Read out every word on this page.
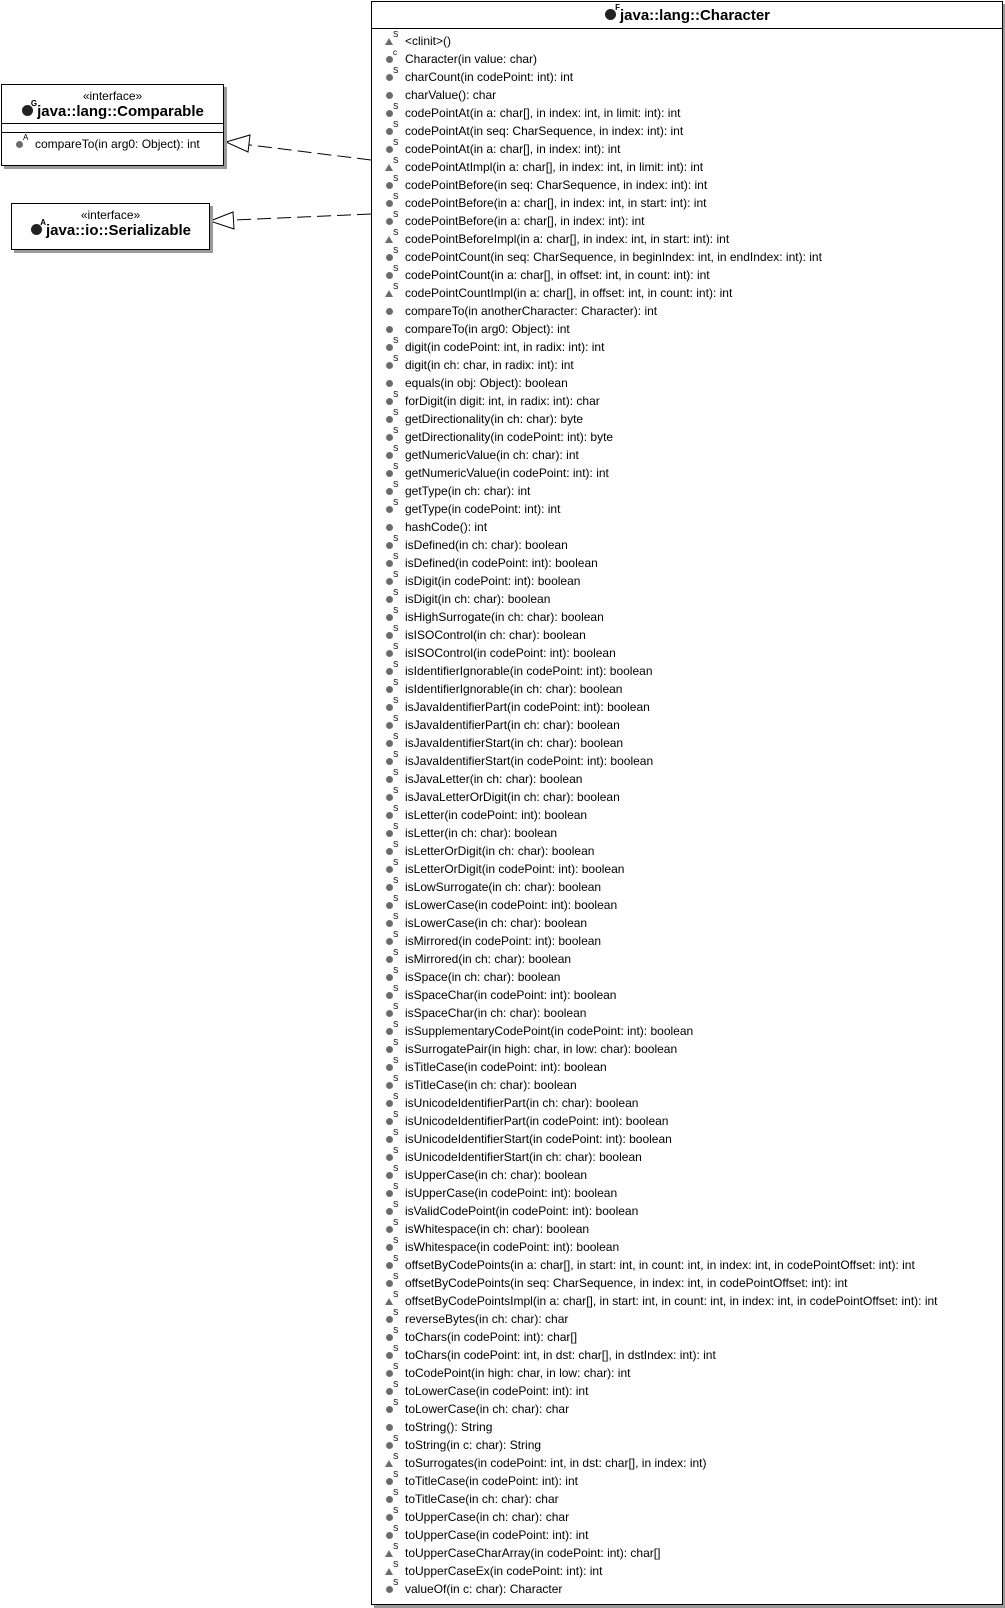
«interface»
G java::lang::Comparable
A compareTo(in arg0: Object): int
«interface»
A java::io::Serializable
F java::lang::Character
S <clinit>()
c Character(in value: char)
S charCount(in codePoint: int): int
charValue(): char
S codePointAt(in a: char[], in index: int, in limit: int): int
S codePointAt(in seq: CharSequence, in index: int): int
S codePointAt(in a: char[], in index: int): int
S codePointAtImpl(in a: char[], in index: int, in limit: int): int
S codePointBefore(in seq: CharSequence, in index: int): int
S codePointBefore(in a: char[], in index: int, in start: int): int
S codePointBefore(in a: char[], in index: int): int
S codePointBeforeImpl(in a: char[], in index: int, in start: int): int
S codePointCount(in seq: CharSequence, in beginIndex: int, in endIndex: int): int
S codePointCount(in a: char[], in offset: int, in count: int): int
S codePointCountImpl(in a: char[], in offset: int, in count: int): int
compareTo(in anotherCharacter: Character): int
compareTo(in arg0: Object): int
S digit(in codePoint: int, in radix: int): int
S digit(in ch: char, in radix: int): int
equals(in obj: Object): boolean
S forDigit(in digit: int, in radix: int): char
S getDirectionality(in ch: char): byte
S getDirectionality(in codePoint: int): byte
S getNumericValue(in ch: char): int
S getNumericValue(in codePoint: int): int
S getType(in ch: char): int
S getType(in codePoint: int): int
hashCode(): int
S isDefined(in ch: char): boolean
S isDefined(in codePoint: int): boolean
S isDigit(in codePoint: int): boolean
S isDigit(in ch: char): boolean
S isHighSurrogate(in ch: char): boolean
S isISOControl(in ch: char): boolean
S isISOControl(in codePoint: int): boolean
S isIdentifierIgnorable(in codePoint: int): boolean
S isIdentifierIgnorable(in ch: char): boolean
S isJavaIdentifierPart(in codePoint: int): boolean
S isJavaIdentifierPart(in ch: char): boolean
S isJavaIdentifierStart(in ch: char): boolean
S isJavaIdentifierStart(in codePoint: int): boolean
S isJavaLetter(in ch: char): boolean
S isJavaLetterOrDigit(in ch: char): boolean
S isLetter(in codePoint: int): boolean
S isLetter(in ch: char): boolean
S isLetterOrDigit(in ch: char): boolean
S isLetterOrDigit(in codePoint: int): boolean
S isLowSurrogate(in ch: char): boolean
S isLowerCase(in codePoint: int): boolean
S isLowerCase(in ch: char): boolean
S isMirrored(in codePoint: int): boolean
S isMirrored(in ch: char): boolean
S isSpace(in ch: char): boolean
S isSpaceChar(in codePoint: int): boolean
S isSpaceChar(in ch: char): boolean
S isSupplementaryCodePoint(in codePoint: int): boolean
S isSurrogatePair(in high: char, in low: char): boolean
S isTitleCase(in codePoint: int): boolean
S isTitleCase(in ch: char): boolean
S isUnicodeIdentifierPart(in ch: char): boolean
S isUnicodeIdentifierPart(in codePoint: int): boolean
S isUnicodeIdentifierStart(in codePoint: int): boolean
S isUnicodeIdentifierStart(in ch: char): boolean
S isUpperCase(in ch: char): boolean
S isUpperCase(in codePoint: int): boolean
S isValidCodePoint(in codePoint: int): boolean
S isWhitespace(in ch: char): boolean
S isWhitespace(in codePoint: int): boolean
S offsetByCodePoints(in a: char[], in start: int, in count: int, in index: int, in codePointOffset: int): int
S offsetByCodePoints(in seq: CharSequence, in index: int, in codePointOffset: int): int
S offsetByCodePointsImpl(in a: char[], in start: int, in count: int, in index: int, in codePointOffset: int): int
S reverseBytes(in ch: char): char
S toChars(in codePoint: int): char[]
S toChars(in codePoint: int, in dst: char[], in dstIndex: int): int
S toCodePoint(in high: char, in low: char): int
S toLowerCase(in codePoint: int): int
S toLowerCase(in ch: char): char
toString(): String
S toString(in c: char): String
S toSurrogates(in codePoint: int, in dst: char[], in index: int)
S toTitleCase(in codePoint: int): int
S toTitleCase(in ch: char): char
S toUpperCase(in ch: char): char
S toUpperCase(in codePoint: int): int
S toUpperCaseCharArray(in codePoint: int): char[]
S toUpperCaseEx(in codePoint: int): int
S valueOf(in c: char): Character
